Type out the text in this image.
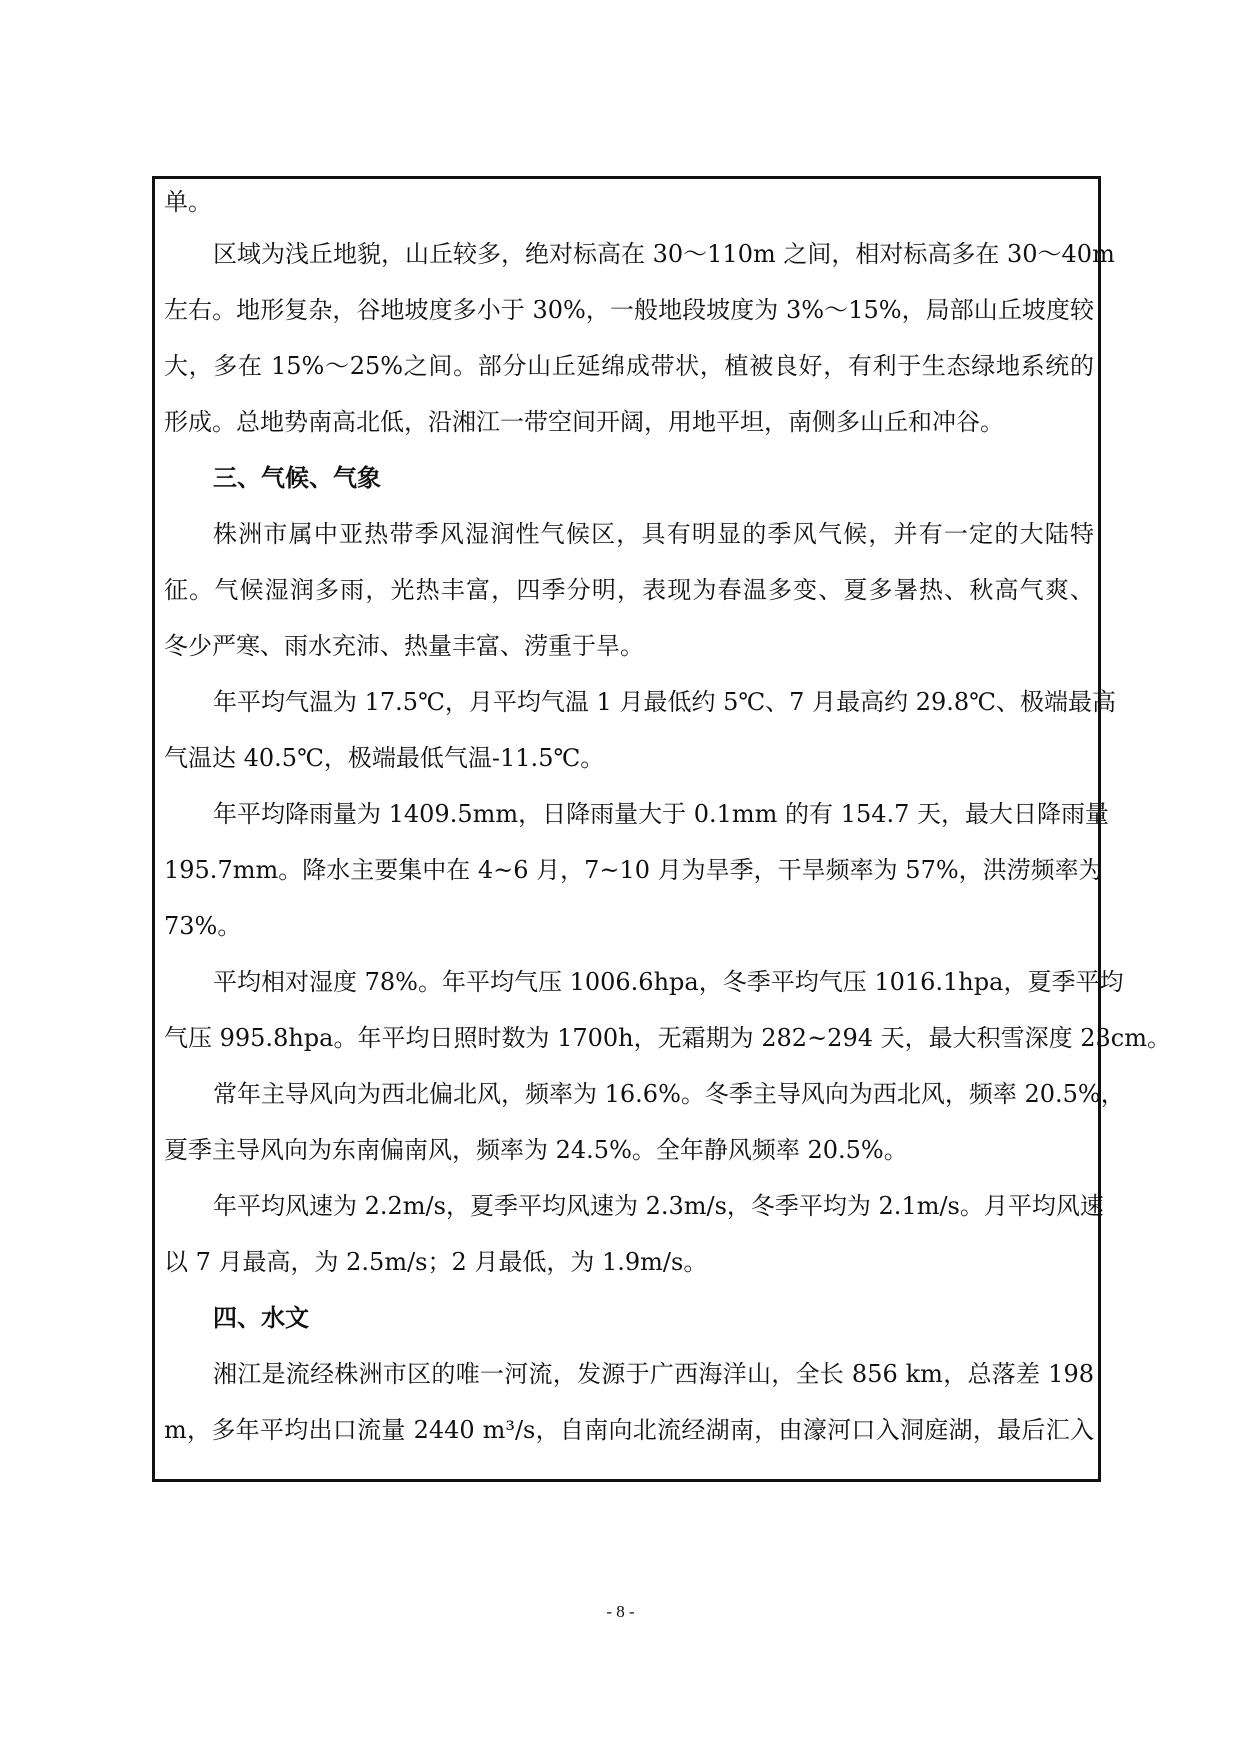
单。
区域为浅丘地貌，山丘较多，绝对标高在 30～110m 之间，相对标高多在 30～40m
左右。地形复杂，谷地坡度多小于 30%，一般地段坡度为 3%～15%，局部山丘坡度较
大，多在 15%～25%之间。部分山丘延绵成带状，植被良好，有利于生态绿地系统的
形成。总地势南高北低，沿湘江一带空间开阔，用地平坦，南侧多山丘和冲谷。
三、气候、气象
株洲市属中亚热带季风湿润性气候区，具有明显的季风气候，并有一定的大陆特
征。气候湿润多雨，光热丰富，四季分明，表现为春温多变、夏多暑热、秋高气爽、
冬少严寒、雨水充沛、热量丰富、涝重于旱。
年平均气温为 17.5℃，月平均气温 1 月最低约 5℃、7 月最高约 29.8℃、极端最高
气温达 40.5℃，极端最低气温-11.5℃。
年平均降雨量为 1409.5mm，日降雨量大于 0.1mm 的有 154.7 天，最大日降雨量
195.7mm。降水主要集中在 4~6 月，7~10 月为旱季，干旱频率为 57%，洪涝频率为
73%。
平均相对湿度 78%。年平均气压 1006.6hpa，冬季平均气压 1016.1hpa，夏季平均
气压 995.8hpa。年平均日照时数为 1700h，无霜期为 282~294 天，最大积雪深度 23cm。
常年主导风向为西北偏北风，频率为 16.6%。冬季主导风向为西北风，频率 20.5%，
夏季主导风向为东南偏南风，频率为 24.5%。全年静风频率 20.5%。
年平均风速为 2.2m/s，夏季平均风速为 2.3m/s，冬季平均为 2.1m/s。月平均风速
以 7 月最高，为 2.5m/s；2 月最低，为 1.9m/s。
四、水文
湘江是流经株洲市区的唯一河流，发源于广西海洋山，全长 856 km，总落差 198
m，多年平均出口流量 2440 m³/s，自南向北流经湖南，由濠河口入洞庭湖，最后汇入
- 8 -
